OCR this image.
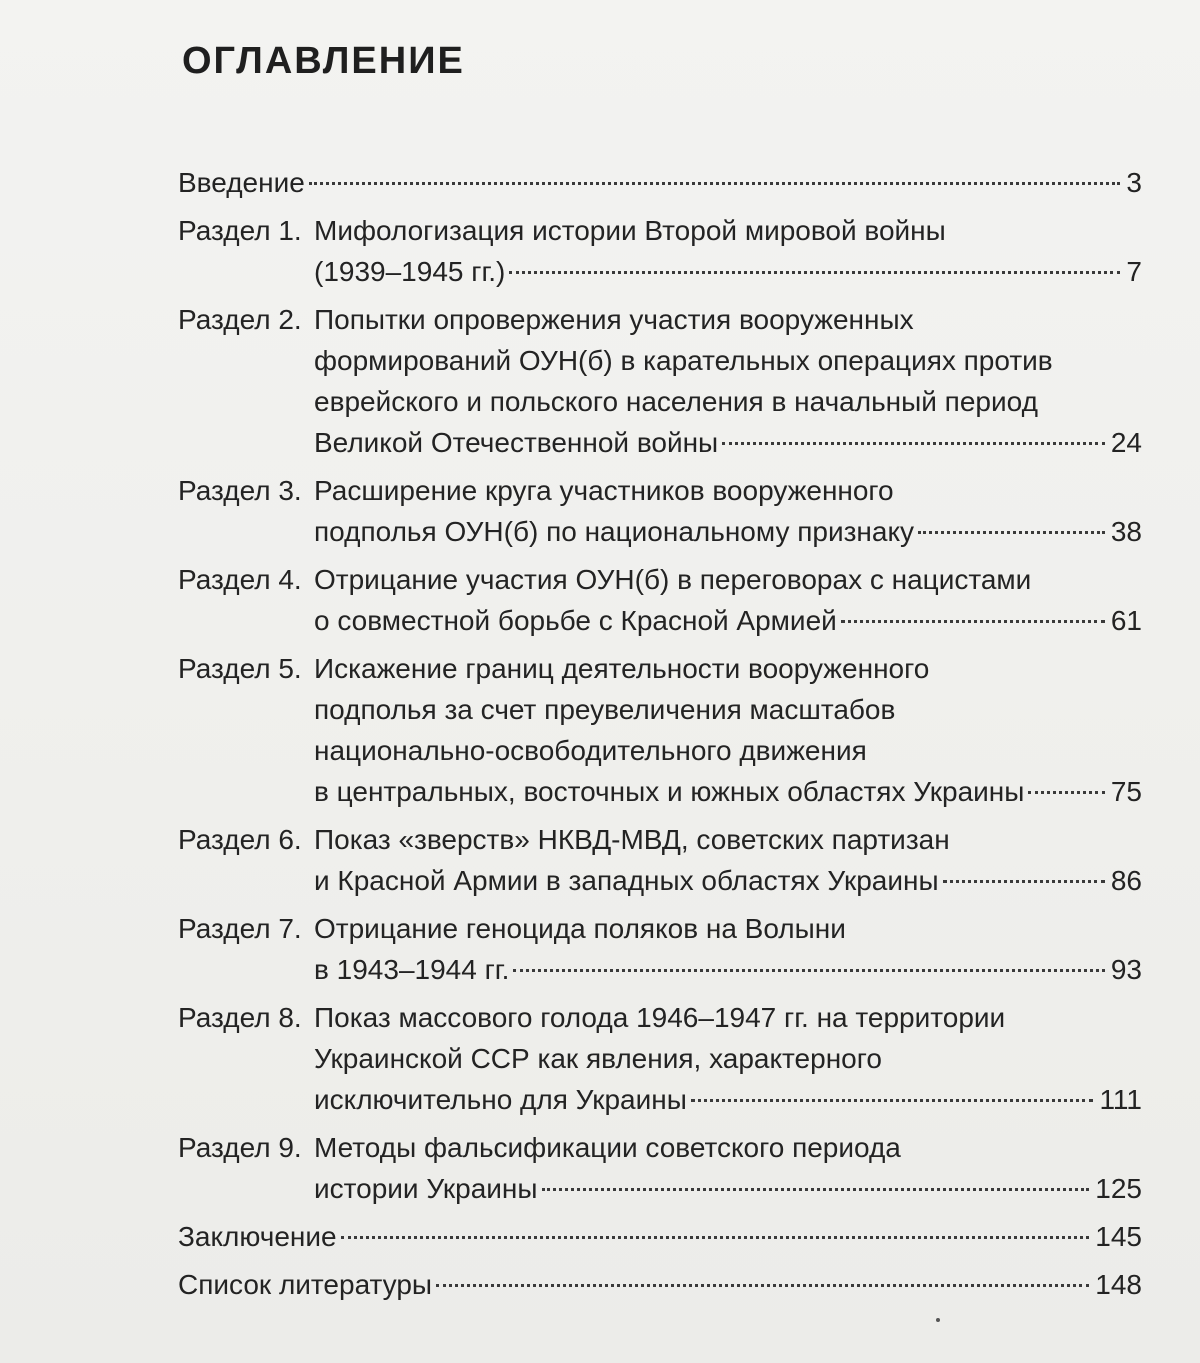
ОГЛАВЛЕНИЕ
Введение	3
Раздел 1. Мифологизация истории Второй мировой войны
(1939–1945 гг.)	7
Раздел 2. Попытки опровержения участия вооруженных
формирований ОУН(б) в карательных операциях против
еврейского и польского населения в начальный период
Великой Отечественной войны	24
Раздел 3. Расширение круга участников вооруженного
подполья ОУН(б) по национальному признаку	38
Раздел 4. Отрицание участия ОУН(б) в переговорах с нацистами
о совместной борьбе с Красной Армией	61
Раздел 5. Искажение границ деятельности вооруженного
подполья за счет преувеличения масштабов
национально-освободительного движения
в центральных, восточных и южных областях Украины	75
Раздел 6. Показ «зверств» НКВД-МВД, советских партизан
и Красной Армии в западных областях Украины	86
Раздел 7. Отрицание геноцида поляков на Волыни
в 1943–1944 гг.	93
Раздел 8. Показ массового голода 1946–1947 гг. на территории
Украинской ССР как явления, характерного
исключительно для Украины	111
Раздел 9. Методы фальсификации советского периода
истории Украины	125
Заключение	145
Список литературы	148
